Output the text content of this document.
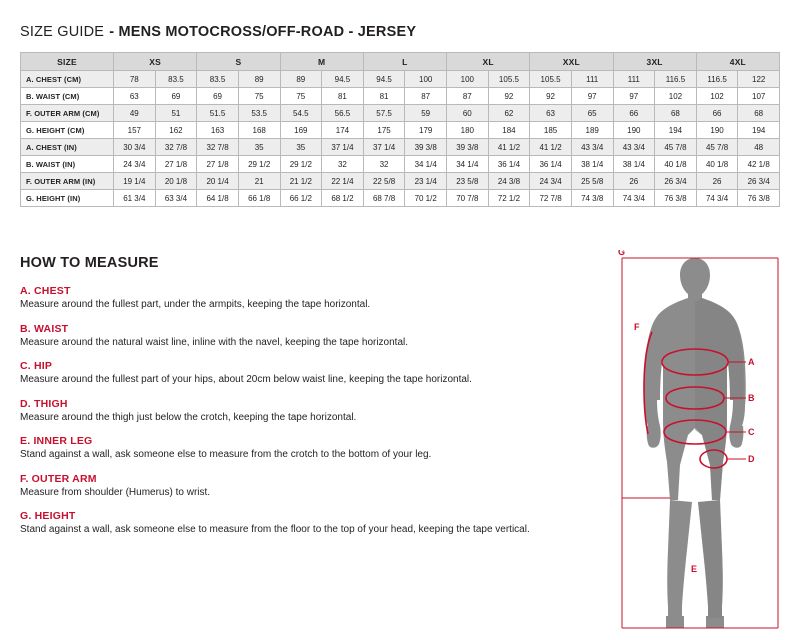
SIZE GUIDE - MENS MOTOCROSS/OFF-ROAD - JERSEY
SIZE	XS		S		M		L		XL		XXL		3XL		4XL	
A. CHEST (CM)	78	83.5	83.5	89	89	94.5	94.5	100	100	105.5	105.5	111	111	116.5	116.5	122
B. WAIST (CM)	63	69	69	75	75	81	81	87	87	92	92	97	97	102	102	107
F. OUTER ARM (CM)	49	51	51.5	53.5	54.5	56.5	57.5	59	60	62	63	65	66	68	66	68
G. HEIGHT (CM)	157	162	163	168	169	174	175	179	180	184	185	189	190	194	190	194
A. CHEST (IN)	30 3/4	32 7/8	32 7/8	35	35	37 1/4	37 1/4	39 3/8	39 3/8	41 1/2	41 1/2	43 3/4	43 3/4	45 7/8	45 7/8	48
B. WAIST (IN)	24 3/4	27 1/8	27 1/8	29 1/2	29 1/2	32	32	34 1/4	34 1/4	36 1/4	36 1/4	38 1/4	38 1/4	40 1/8	40 1/8	42 1/8
F. OUTER ARM (IN)	19 1/4	20 1/8	20 1/4	21	21 1/2	22 1/4	22 5/8	23 1/4	23 5/8	24 3/8	24 3/4	25 5/8	26	26 3/4	26	26 3/4
G. HEIGHT (IN)	61 3/4	63 3/4	64 1/8	66 1/8	66 1/2	68 1/2	68 7/8	70 1/2	70 7/8	72 1/2	72 7/8	74 3/8	74 3/4	76 3/8	74 3/4	76 3/8
HOW TO MEASURE
A. CHEST
Measure around the fullest part, under the armpits, keeping the tape horizontal.
B. WAIST
Measure around the natural waist line, inline with the navel, keeping the tape horizontal.
C. HIP
Measure around the fullest part of your hips, about 20cm below waist line, keeping the tape horizontal.
D. THIGH
Measure around the thigh just below the crotch, keeping the tape horizontal.
E. INNER LEG
Stand against a wall, ask someone else to measure from the crotch to the bottom of your leg.
F. OUTER ARM
Measure from shoulder (Humerus) to wrist.
G. HEIGHT
Stand against a wall, ask someone else to measure from the floor to the top of your head, keeping the tape vertical.
A
B
C
D
E
F
G
